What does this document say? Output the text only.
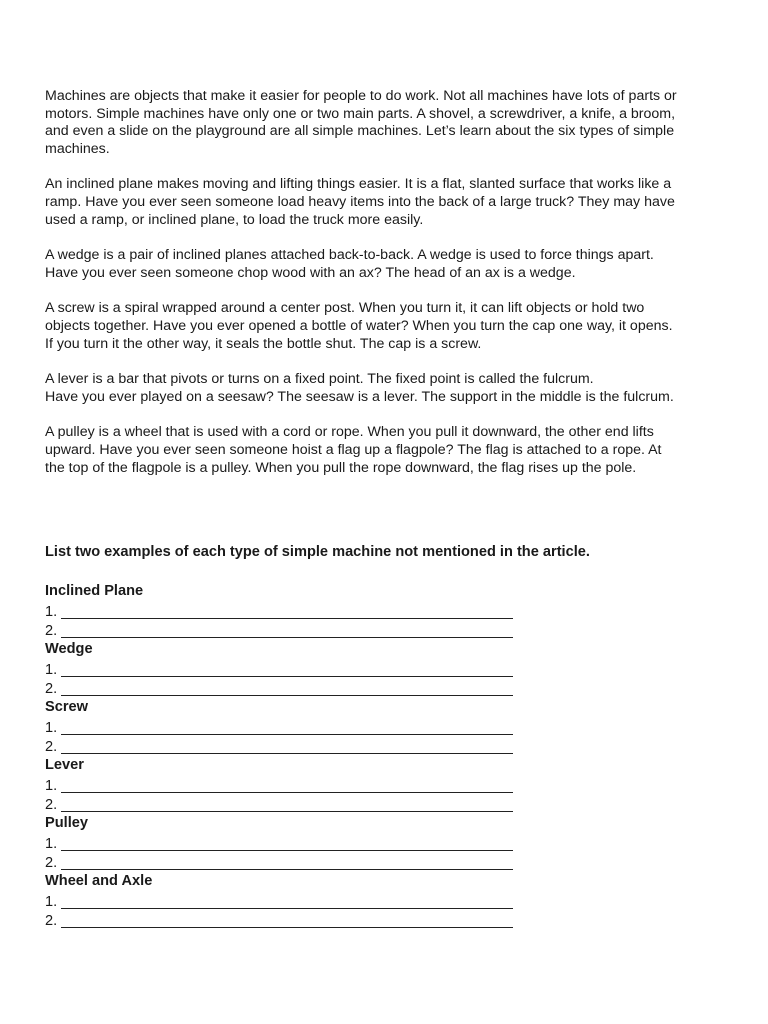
Machines are objects that make it easier for people to do work. Not all machines have lots of parts or
motors. Simple machines have only one or two main parts. A shovel, a screwdriver, a knife, a broom,
and even a slide on the playground are all simple machines. Let’s learn about the six types of simple
machines.

An inclined plane makes moving and lifting things easier. It is a flat, slanted surface that works like a
ramp. Have you ever seen someone load heavy items into the back of a large truck? They may have
used a ramp, or inclined plane, to load the truck more easily.

A wedge is a pair of inclined planes attached back-to-back. A wedge is used to force things apart.
Have you ever seen someone chop wood with an ax? The head of an ax is a wedge.

A screw is a spiral wrapped around a center post. When you turn it, it can lift objects or hold two
objects together. Have you ever opened a bottle of water? When you turn the cap one way, it opens.
If you turn it the other way, it seals the bottle shut. The cap is a screw.

A lever is a bar that pivots or turns on a fixed point. The fixed point is called the fulcrum.
Have you ever played on a seesaw? The seesaw is a lever. The support in the middle is the fulcrum.

A pulley is a wheel that is used with a cord or rope. When you pull it downward, the other end lifts
upward. Have you ever seen someone hoist a flag up a flagpole? The flag is attached to a rope. At
the top of the flagpole is a pulley. When you pull the rope downward, the flag rises up the pole.

List two examples of each type of simple machine not mentioned in the article.

Inclined Plane

1.
2.

Wedge

1.
2.

Screw

1.
2.

Lever

1.
2.

Pulley

1.
2.

Wheel and Axle

1.
2.
